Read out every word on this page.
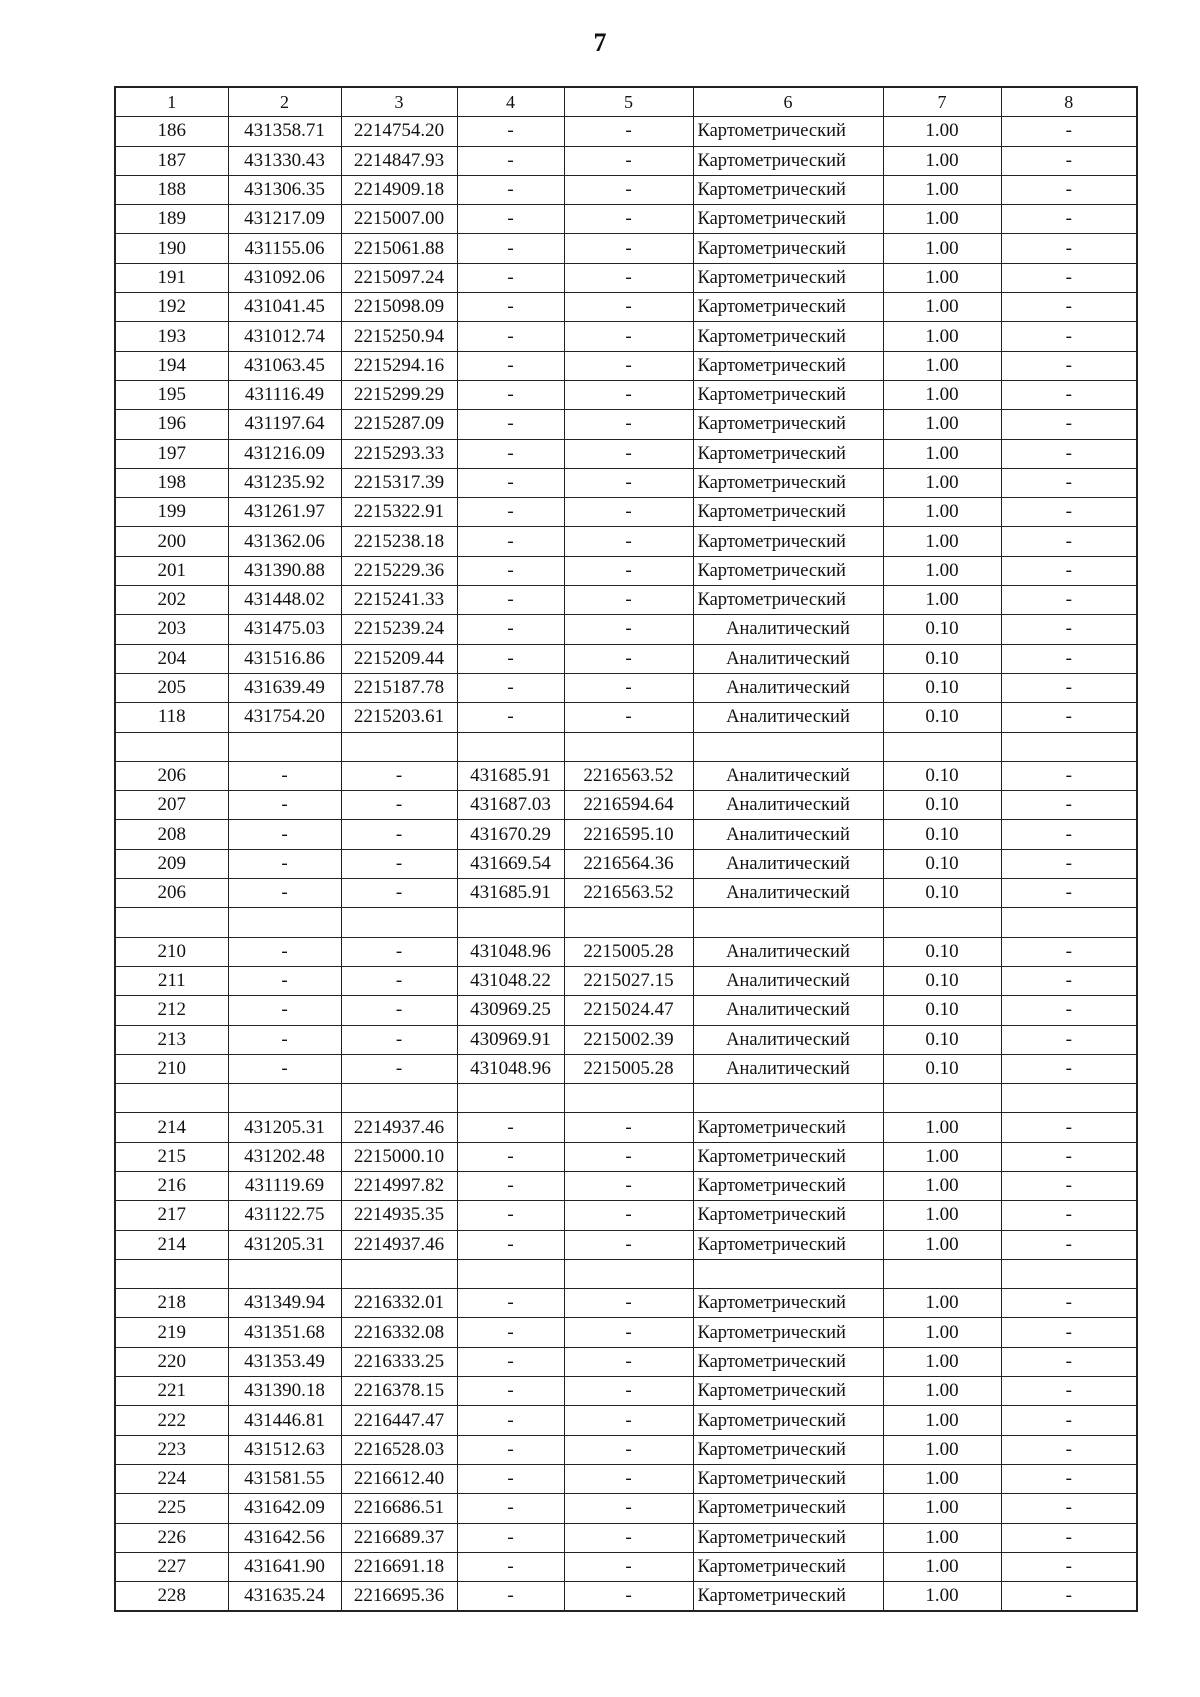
7
1	2	3	4	5	6	7	8
186	431358.71	2214754.20	-	-	Картометрический	1.00	-
187	431330.43	2214847.93	-	-	Картометрический	1.00	-
188	431306.35	2214909.18	-	-	Картометрический	1.00	-
189	431217.09	2215007.00	-	-	Картометрический	1.00	-
190	431155.06	2215061.88	-	-	Картометрический	1.00	-
191	431092.06	2215097.24	-	-	Картометрический	1.00	-
192	431041.45	2215098.09	-	-	Картометрический	1.00	-
193	431012.74	2215250.94	-	-	Картометрический	1.00	-
194	431063.45	2215294.16	-	-	Картометрический	1.00	-
195	431116.49	2215299.29	-	-	Картометрический	1.00	-
196	431197.64	2215287.09	-	-	Картометрический	1.00	-
197	431216.09	2215293.33	-	-	Картометрический	1.00	-
198	431235.92	2215317.39	-	-	Картометрический	1.00	-
199	431261.97	2215322.91	-	-	Картометрический	1.00	-
200	431362.06	2215238.18	-	-	Картометрический	1.00	-
201	431390.88	2215229.36	-	-	Картометрический	1.00	-
202	431448.02	2215241.33	-	-	Картометрический	1.00	-
203	431475.03	2215239.24	-	-	Аналитический	0.10	-
204	431516.86	2215209.44	-	-	Аналитический	0.10	-
205	431639.49	2215187.78	-	-	Аналитический	0.10	-
118	431754.20	2215203.61	-	-	Аналитический	0.10	-

206	-	-	431685.91	2216563.52	Аналитический	0.10	-
207	-	-	431687.03	2216594.64	Аналитический	0.10	-
208	-	-	431670.29	2216595.10	Аналитический	0.10	-
209	-	-	431669.54	2216564.36	Аналитический	0.10	-
206	-	-	431685.91	2216563.52	Аналитический	0.10	-

210	-	-	431048.96	2215005.28	Аналитический	0.10	-
211	-	-	431048.22	2215027.15	Аналитический	0.10	-
212	-	-	430969.25	2215024.47	Аналитический	0.10	-
213	-	-	430969.91	2215002.39	Аналитический	0.10	-
210	-	-	431048.96	2215005.28	Аналитический	0.10	-

214	431205.31	2214937.46	-	-	Картометрический	1.00	-
215	431202.48	2215000.10	-	-	Картометрический	1.00	-
216	431119.69	2214997.82	-	-	Картометрический	1.00	-
217	431122.75	2214935.35	-	-	Картометрический	1.00	-
214	431205.31	2214937.46	-	-	Картометрический	1.00	-

218	431349.94	2216332.01	-	-	Картометрический	1.00	-
219	431351.68	2216332.08	-	-	Картометрический	1.00	-
220	431353.49	2216333.25	-	-	Картометрический	1.00	-
221	431390.18	2216378.15	-	-	Картометрический	1.00	-
222	431446.81	2216447.47	-	-	Картометрический	1.00	-
223	431512.63	2216528.03	-	-	Картометрический	1.00	-
224	431581.55	2216612.40	-	-	Картометрический	1.00	-
225	431642.09	2216686.51	-	-	Картометрический	1.00	-
226	431642.56	2216689.37	-	-	Картометрический	1.00	-
227	431641.90	2216691.18	-	-	Картометрический	1.00	-
228	431635.24	2216695.36	-	-	Картометрический	1.00	-
